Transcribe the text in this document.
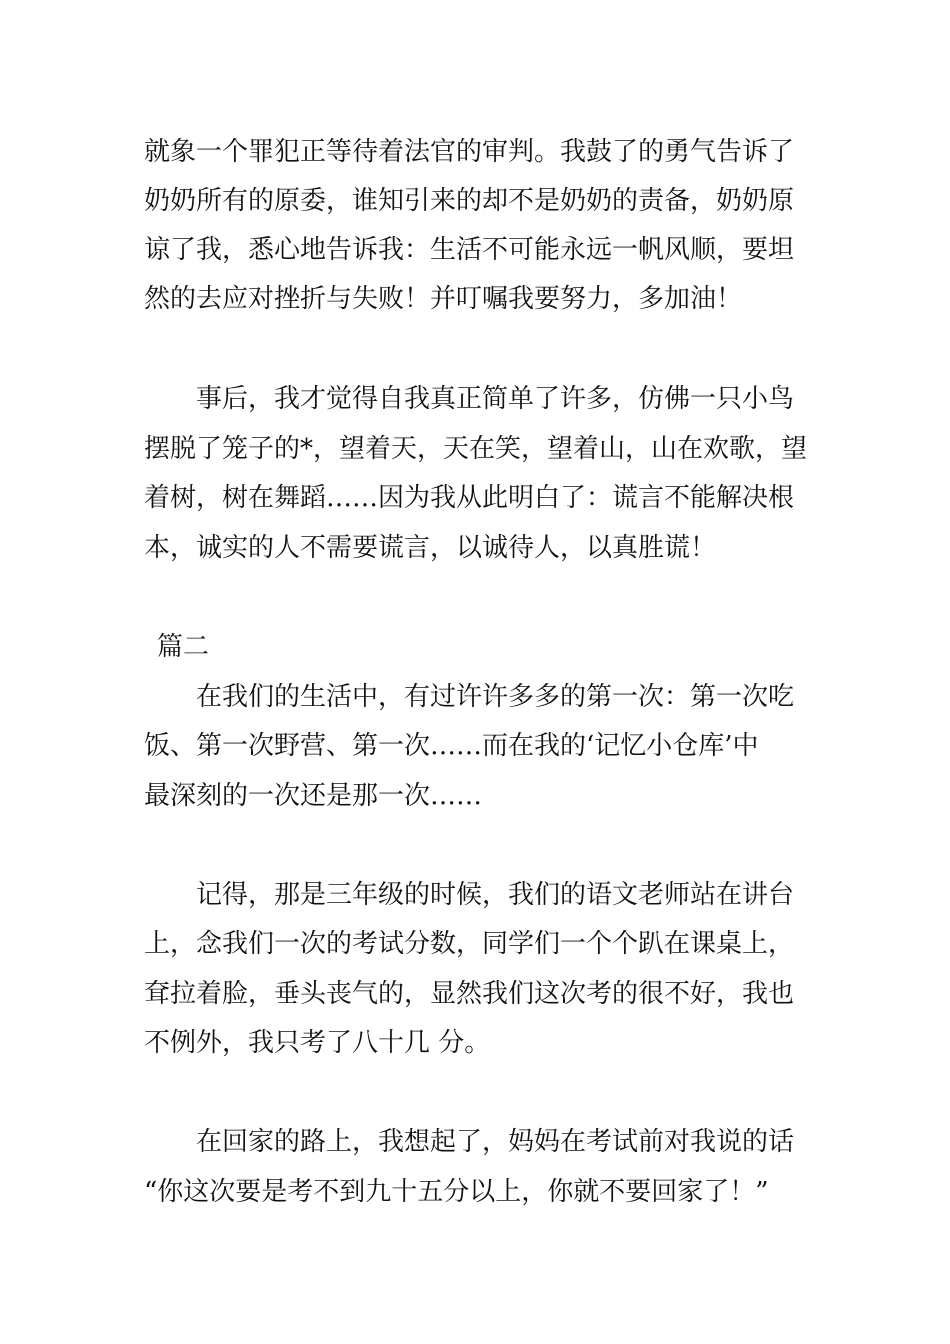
就象一个罪犯正等待着法官的审判。我鼓了的勇气告诉了
奶奶所有的原委，谁知引来的却不是奶奶的责备，奶奶原
谅了我，悉心地告诉我：生活不可能永远一帆风顺，要坦
然的去应对挫折与失败！并叮嘱我要努力，多加油！
　　事后，我才觉得自我真正简单了许多，仿佛一只小鸟
摆脱了笼子的*，望着天，天在笑，望着山，山在欢歌，望
着树，树在舞蹈……因为我从此明白了：谎言不能解决根
本，诚实的人不需要谎言，以诚待人，以真胜谎！
篇二
　　在我们的生活中，有过许许多多的第一次：第一次吃
饭、第一次野营、第一次……而在我的‘记忆小仓库’中
最深刻的一次还是那一次……
　　记得，那是三年级的时候，我们的语文老师站在讲台
上，念我们一次的考试分数，同学们一个个趴在课桌上，
耷拉着脸，垂头丧气的，显然我们这次考的很不好，我也
不例外，我只考了八十几 分。
　　在回家的路上，我想起了，妈妈在考试前对我说的话
“你这次要是考不到九十五分以上，你就不要回家了！”
